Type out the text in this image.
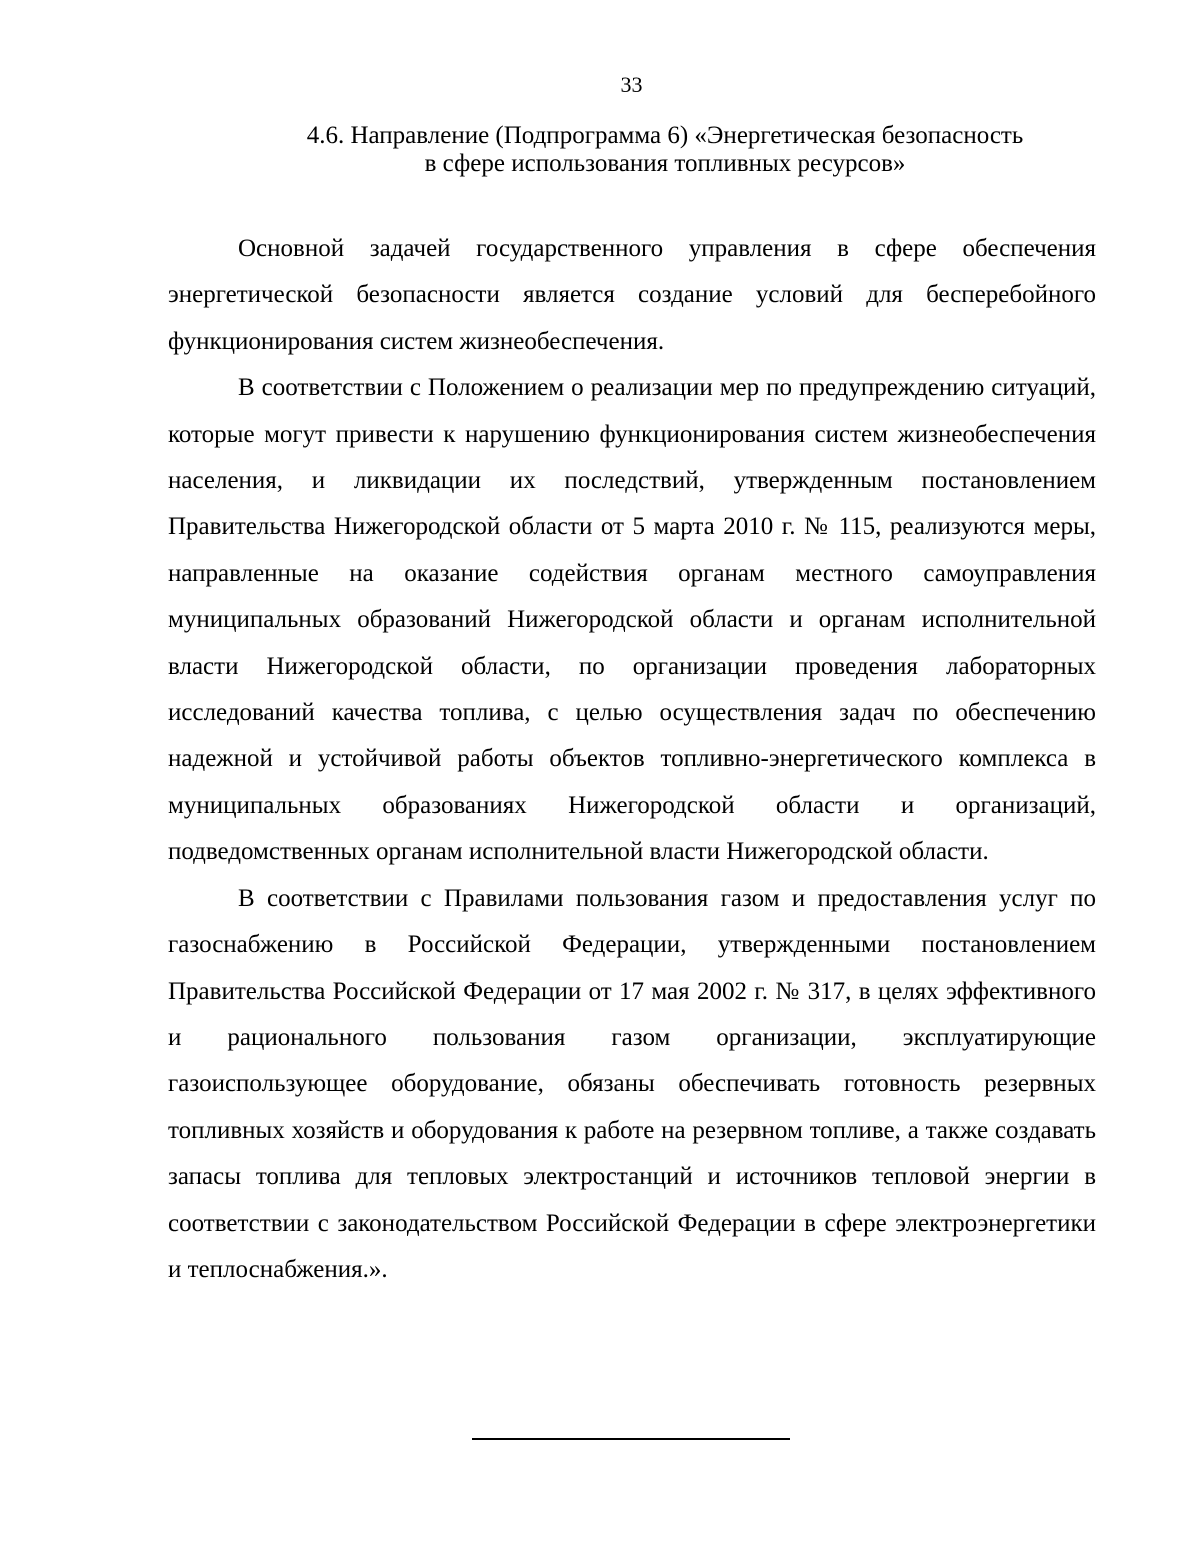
33
4.6. Направление (Подпрограмма 6) «Энергетическая безопасность
в сфере использования топливных ресурсов»

Основной задачей государственного управления в сфере обеспечения энергетической безопасности является создание условий для бесперебойного функционирования систем жизнеобеспечения.

В соответствии с Положением о реализации мер по предупреждению ситуаций, которые могут привести к нарушению функционирования систем жизнеобеспечения населения, и ликвидации их последствий, утвержденным постановлением Правительства Нижегородской области от 5 марта 2010 г. № 115, реализуются меры, направленные на оказание содействия органам местного самоуправления муниципальных образований Нижегородской области и органам исполнительной власти Нижегородской области, по организации проведения лабораторных исследований качества топлива, с целью осуществления задач по обеспечению надежной и устойчивой работы объектов топливно-энергетического комплекса в муниципальных образованиях Нижегородской области и организаций, подведомственных органам исполнительной власти Нижегородской области.

В соответствии с Правилами пользования газом и предоставления услуг по газоснабжению в Российской Федерации, утвержденными постановлением Правительства Российской Федерации от 17 мая 2002 г. № 317, в целях эффективного и рационального пользования газом организации, эксплуатирующие газоиспользующее оборудование, обязаны обеспечивать готовность резервных топливных хозяйств и оборудования к работе на резервном топливе, а также создавать запасы топлива для тепловых электростанций и источников тепловой энергии в соответствии с законодательством Российской Федерации в сфере электроэнергетики и теплоснабжения.».
